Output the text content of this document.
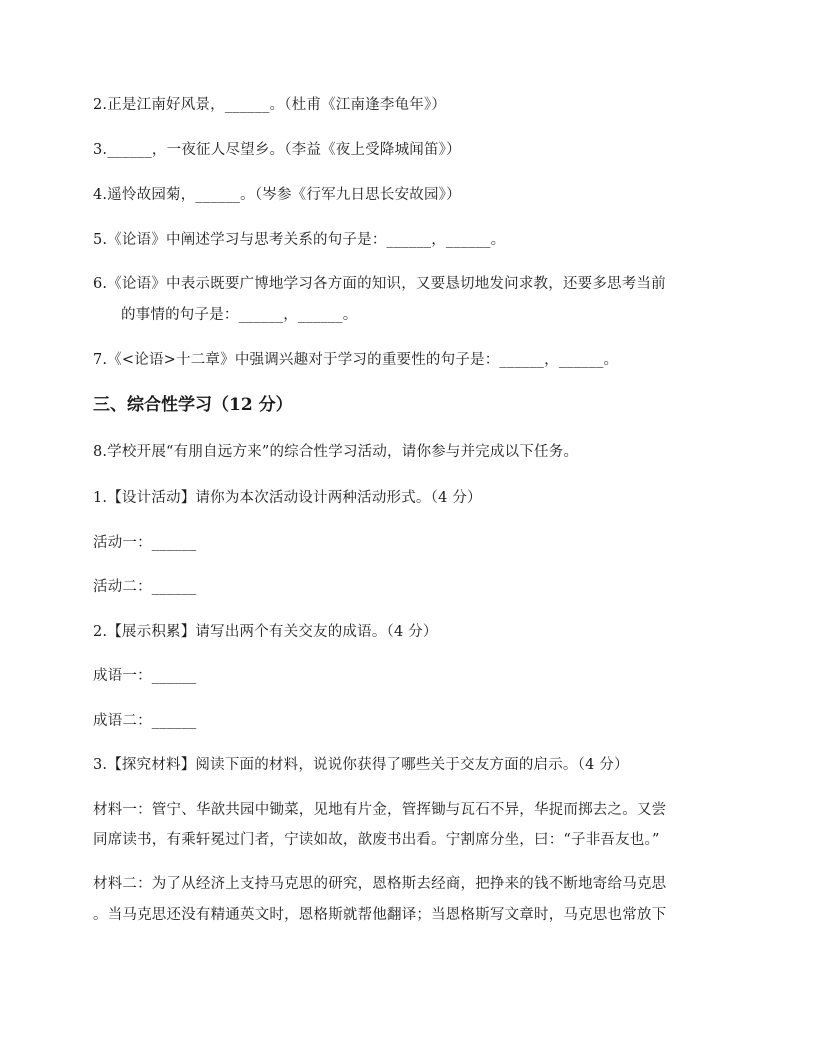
2.正是江南好风景，______。（杜甫《江南逢李龟年》）
3.______，一夜征人尽望乡。（李益《夜上受降城闻笛》）
4.遥怜故园菊，______。（岑参《行军九日思长安故园》）
5.《论语》中阐述学习与思考关系的句子是：______，______。
6.《论语》中表示既要广博地学习各方面的知识，又要恳切地发问求教，还要多思考当前
的事情的句子是：______，______。
7.《<论语>十二章》中强调兴趣对于学习的重要性的句子是：______，______。
三、综合性学习（12 分）
8.学校开展“有朋自远方来”的综合性学习活动，请你参与并完成以下任务。
1.【设计活动】请你为本次活动设计两种活动形式。（4 分）
活动一：______
活动二：______
2.【展示积累】请写出两个有关交友的成语。（4 分）
成语一：______
成语二：______
3.【探究材料】阅读下面的材料，说说你获得了哪些关于交友方面的启示。（4 分）
材料一：管宁、华歆共园中锄菜，见地有片金，管挥锄与瓦石不异，华捉而掷去之。又尝
同席读书，有乘轩冕过门者，宁读如故，歆废书出看。宁割席分坐，曰：“子非吾友也。”
材料二：为了从经济上支持马克思的研究，恩格斯去经商，把挣来的钱不断地寄给马克思
。当马克思还没有精通英文时，恩格斯就帮他翻译；当恩格斯写文章时，马克思也常放下
